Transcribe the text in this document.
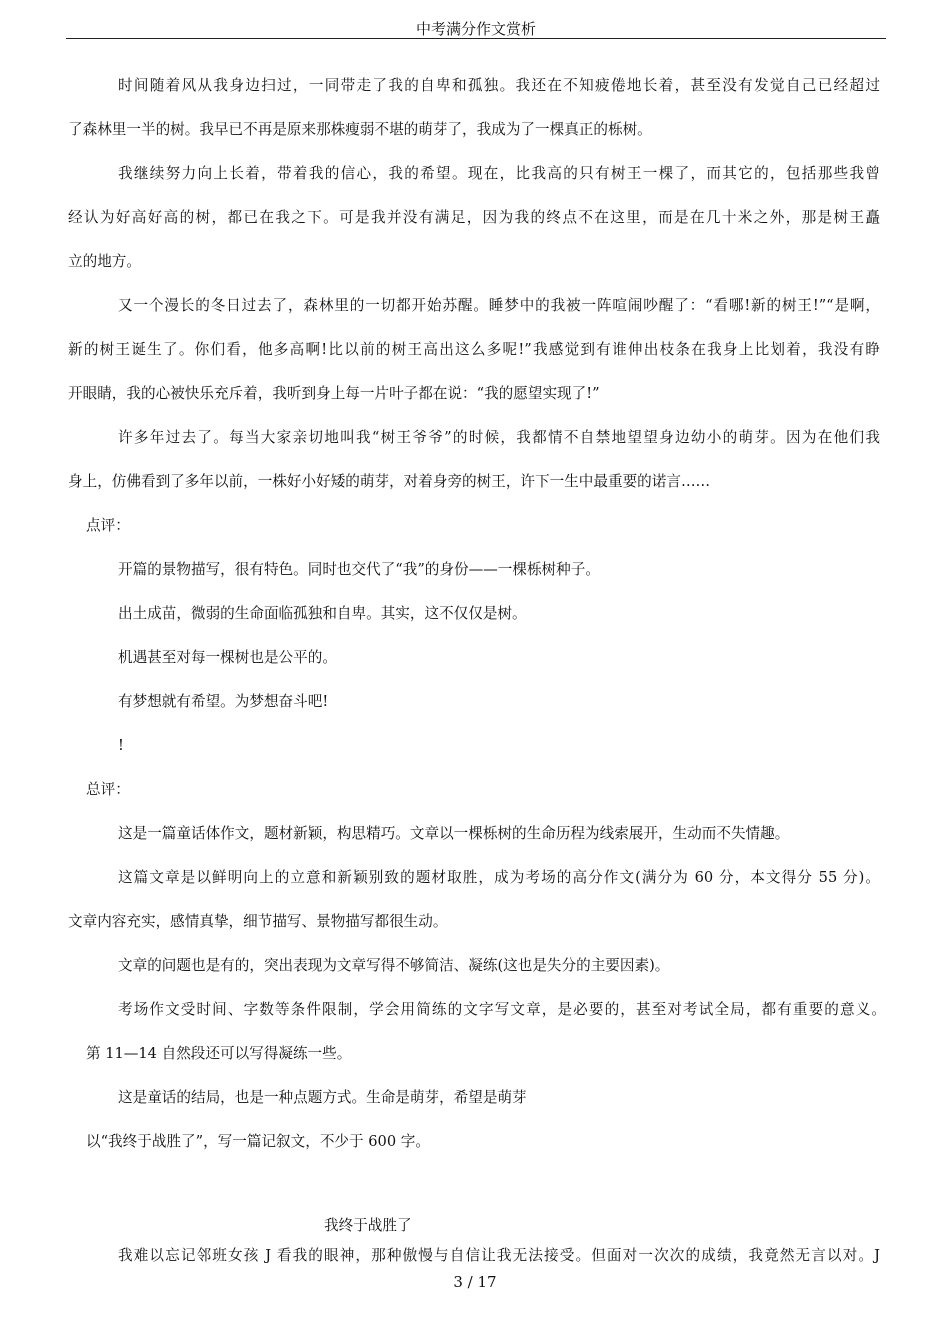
中考满分作文赏析
时间随着风从我身边扫过，一同带走了我的自卑和孤独。我还在不知疲倦地长着，甚至没有发觉自己已经超过
了森林里一半的树。我早已不再是原来那株瘦弱不堪的萌芽了，我成为了一棵真正的栎树。
我继续努力向上长着，带着我的信心，我的希望。现在，比我高的只有树王一棵了，而其它的，包括那些我曾
经认为好高好高的树，都已在我之下。可是我并没有满足，因为我的终点不在这里，而是在几十米之外，那是树王矗
立的地方。
又一个漫长的冬日过去了，森林里的一切都开始苏醒。睡梦中的我被一阵喧闹吵醒了：“看哪!新的树王!”“是啊，
新的树王诞生了。你们看，他多高啊!比以前的树王高出这么多呢!”我感觉到有谁伸出枝条在我身上比划着，我没有睁
开眼睛，我的心被快乐充斥着，我听到身上每一片叶子都在说：“我的愿望实现了!”
许多年过去了。每当大家亲切地叫我“树王爷爷”的时候，我都情不自禁地望望身边幼小的萌芽。因为在他们我
身上，仿佛看到了多年以前，一株好小好矮的萌芽，对着身旁的树王，许下一生中最重要的诺言……
点评：
开篇的景物描写，很有特色。同时也交代了“我”的身份——一棵栎树种子。
出土成苗，微弱的生命面临孤独和自卑。其实，这不仅仅是树。
机遇甚至对每一棵树也是公平的。
有梦想就有希望。为梦想奋斗吧!
!
总评：
这是一篇童话体作文，题材新颖，构思精巧。文章以一棵栎树的生命历程为线索展开，生动而不失情趣。
这篇文章是以鲜明向上的立意和新颖别致的题材取胜，成为考场的高分作文(满分为 60 分，本文得分 55 分)。
文章内容充实，感情真挚，细节描写、景物描写都很生动。
文章的问题也是有的，突出表现为文章写得不够简洁、凝练(这也是失分的主要因素)。
考场作文受时间、字数等条件限制，学会用简练的文字写文章，是必要的，甚至对考试全局，都有重要的意义。
第 11—14 自然段还可以写得凝练一些。
这是童话的结局，也是一种点题方式。生命是萌芽，希望是萌芽
以“我终于战胜了”，写一篇记叙文，不少于 600 字。
我终于战胜了
我难以忘记邻班女孩 J 看我的眼神，那种傲慢与自信让我无法接受。但面对一次次的成绩，我竟然无言以对。J
3 / 17
